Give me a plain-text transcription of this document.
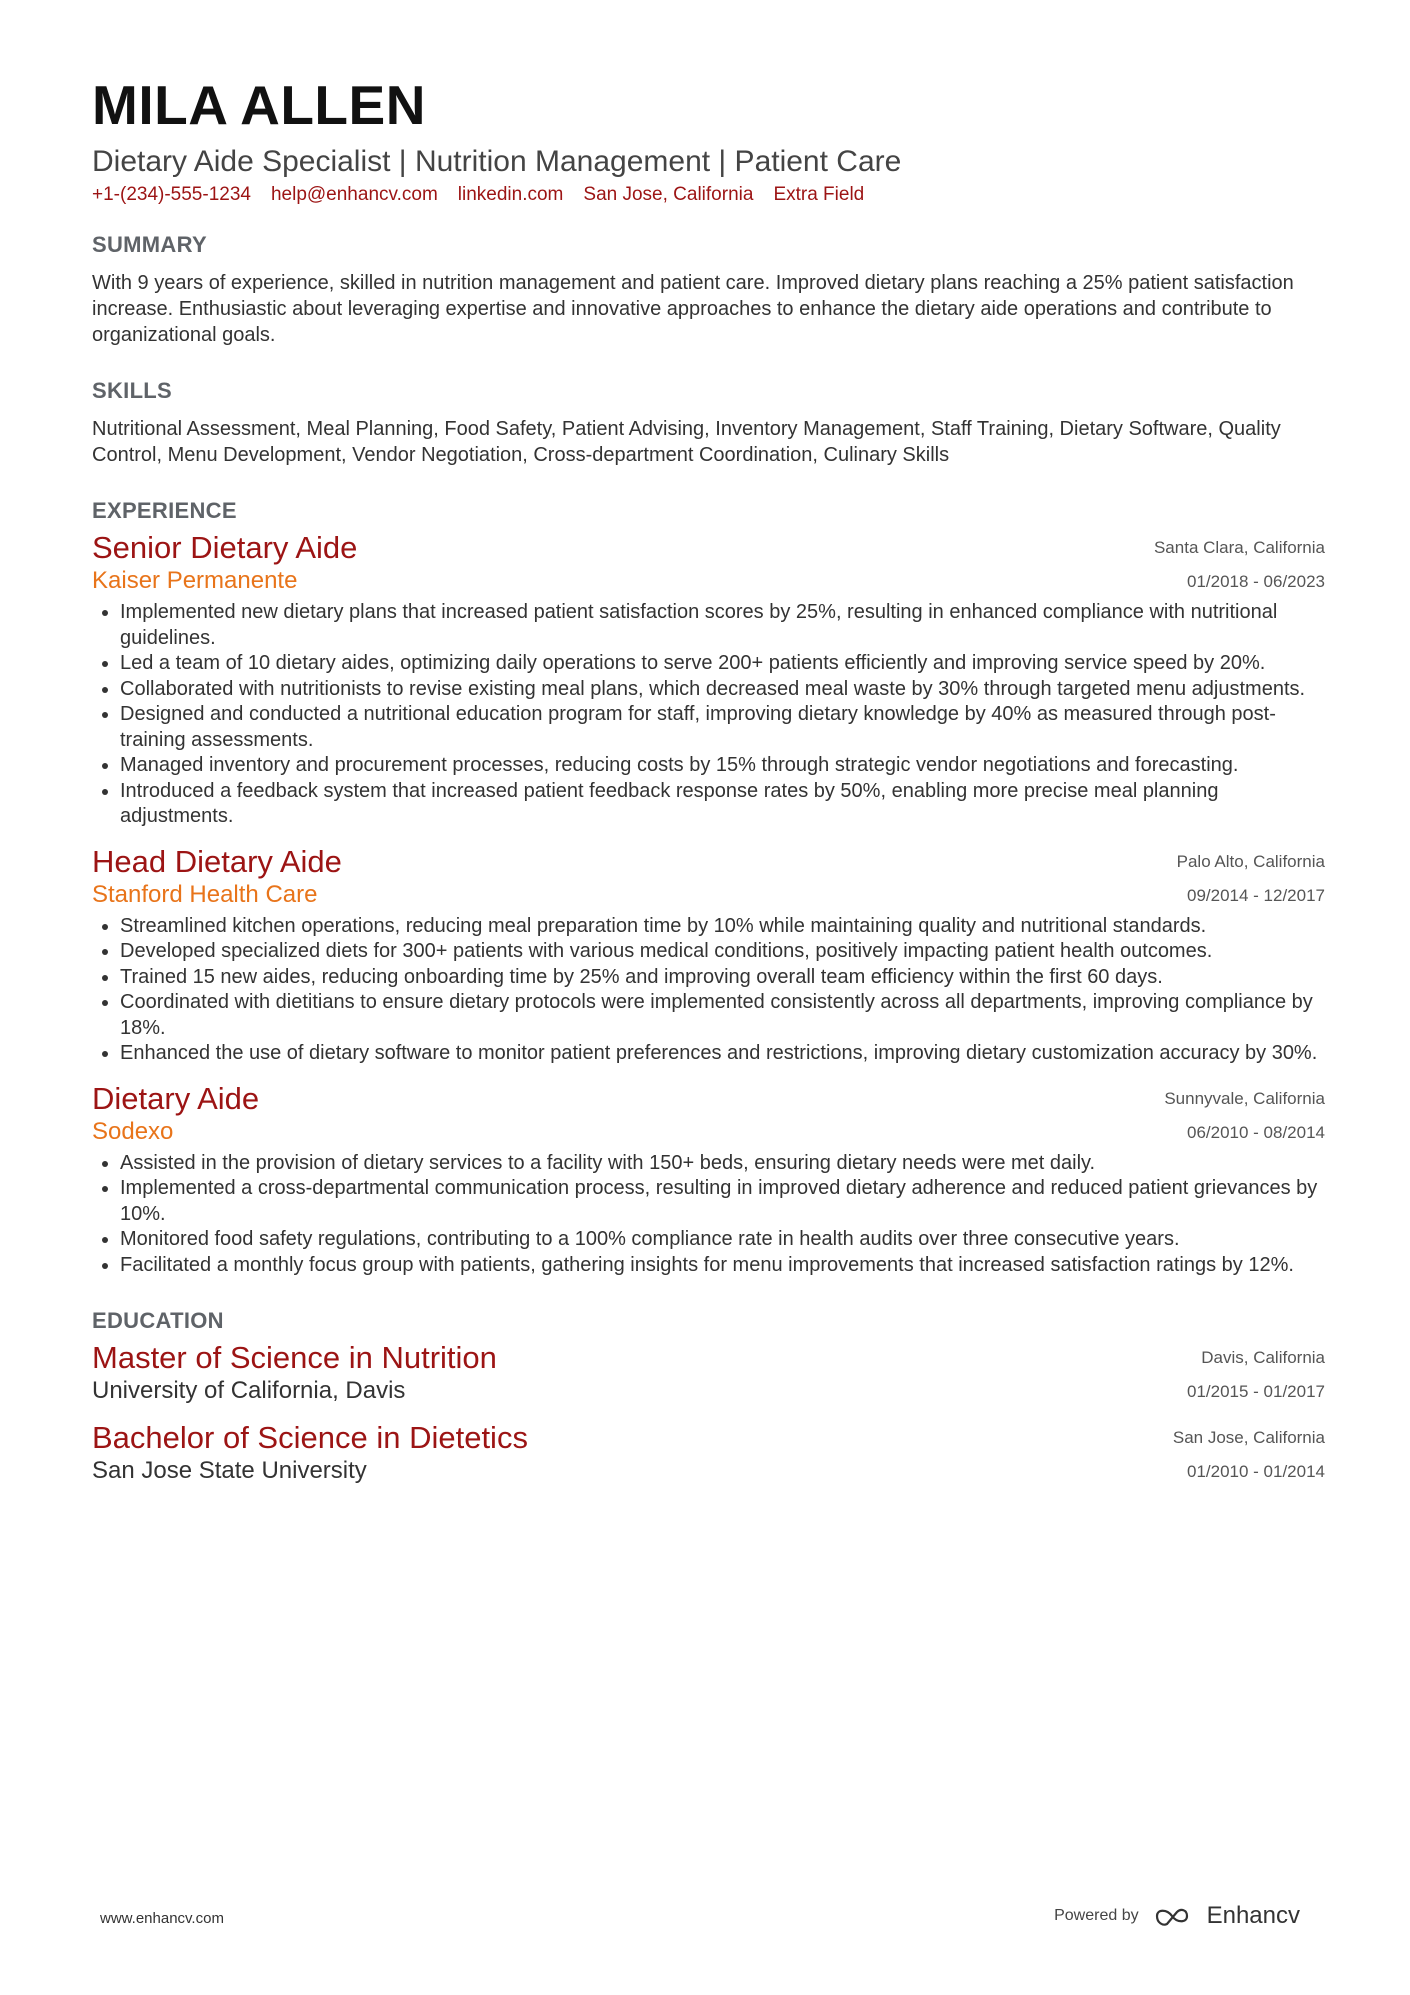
MILA ALLEN
Dietary Aide Specialist | Nutrition Management | Patient Care
+1-(234)-555-1234 help@enhancv.com linkedin.com San Jose, California Extra Field
SUMMARY
With 9 years of experience, skilled in nutrition management and patient care. Improved dietary plans reaching a 25% patient satisfaction increase. Enthusiastic about leveraging expertise and innovative approaches to enhance the dietary aide operations and contribute to organizational goals.
SKILLS
Nutritional Assessment, Meal Planning, Food Safety, Patient Advising, Inventory Management, Staff Training, Dietary Software, Quality Control, Menu Development, Vendor Negotiation, Cross-department Coordination, Culinary Skills
EXPERIENCE
Senior Dietary Aide
Kaiser Permanente
Santa Clara, California
01/2018 - 06/2023
• Implemented new dietary plans that increased patient satisfaction scores by 25%, resulting in enhanced compliance with nutritional guidelines.
• Led a team of 10 dietary aides, optimizing daily operations to serve 200+ patients efficiently and improving service speed by 20%.
• Collaborated with nutritionists to revise existing meal plans, which decreased meal waste by 30% through targeted menu adjustments.
• Designed and conducted a nutritional education program for staff, improving dietary knowledge by 40% as measured through post-training assessments.
• Managed inventory and procurement processes, reducing costs by 15% through strategic vendor negotiations and forecasting.
• Introduced a feedback system that increased patient feedback response rates by 50%, enabling more precise meal planning adjustments.
Head Dietary Aide
Stanford Health Care
Palo Alto, California
09/2014 - 12/2017
• Streamlined kitchen operations, reducing meal preparation time by 10% while maintaining quality and nutritional standards.
• Developed specialized diets for 300+ patients with various medical conditions, positively impacting patient health outcomes.
• Trained 15 new aides, reducing onboarding time by 25% and improving overall team efficiency within the first 60 days.
• Coordinated with dietitians to ensure dietary protocols were implemented consistently across all departments, improving compliance by 18%.
• Enhanced the use of dietary software to monitor patient preferences and restrictions, improving dietary customization accuracy by 30%.
Dietary Aide
Sodexo
Sunnyvale, California
06/2010 - 08/2014
• Assisted in the provision of dietary services to a facility with 150+ beds, ensuring dietary needs were met daily.
• Implemented a cross-departmental communication process, resulting in improved dietary adherence and reduced patient grievances by 10%.
• Monitored food safety regulations, contributing to a 100% compliance rate in health audits over three consecutive years.
• Facilitated a monthly focus group with patients, gathering insights for menu improvements that increased satisfaction ratings by 12%.
EDUCATION
Master of Science in Nutrition
University of California, Davis
Davis, California
01/2015 - 01/2017
Bachelor of Science in Dietetics
San Jose State University
San Jose, California
01/2010 - 01/2014
www.enhancv.com	Powered by	Enhancv
